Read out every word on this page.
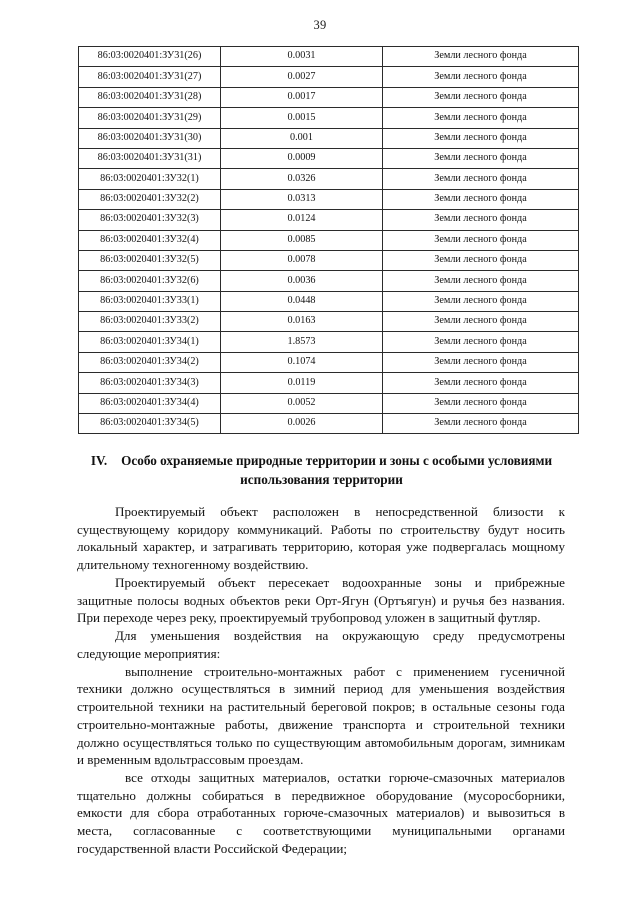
39
86:03:0020401:ЗУ31(26)	0.0031	Земли лесного фонда
86:03:0020401:ЗУ31(27)	0.0027	Земли лесного фонда
86:03:0020401:ЗУ31(28)	0.0017	Земли лесного фонда
86:03:0020401:ЗУ31(29)	0.0015	Земли лесного фонда
86:03:0020401:ЗУ31(30)	0.001	Земли лесного фонда
86:03:0020401:ЗУ31(31)	0.0009	Земли лесного фонда
86:03:0020401:ЗУ32(1)	0.0326	Земли лесного фонда
86:03:0020401:ЗУ32(2)	0.0313	Земли лесного фонда
86:03:0020401:ЗУ32(3)	0.0124	Земли лесного фонда
86:03:0020401:ЗУ32(4)	0.0085	Земли лесного фонда
86:03:0020401:ЗУ32(5)	0.0078	Земли лесного фонда
86:03:0020401:ЗУ32(6)	0.0036	Земли лесного фонда
86:03:0020401:ЗУ33(1)	0.0448	Земли лесного фонда
86:03:0020401:ЗУ33(2)	0.0163	Земли лесного фонда
86:03:0020401:ЗУ34(1)	1.8573	Земли лесного фонда
86:03:0020401:ЗУ34(2)	0.1074	Земли лесного фонда
86:03:0020401:ЗУ34(3)	0.0119	Земли лесного фонда
86:03:0020401:ЗУ34(4)	0.0052	Земли лесного фонда
86:03:0020401:ЗУ34(5)	0.0026	Земли лесного фонда
IV. Особо охраняемые природные территории и зоны с особыми условиями использования территории

Проектируемый объект расположен в непосредственной близости к существующему коридору коммуникаций. Работы по строительству будут носить локальный характер, и затрагивать территорию, которая уже подвергалась мощному длительному техногенному воздействию.

Проектируемый объект пересекает водоохранные зоны и прибрежные защитные полосы водных объектов реки Орт-Ягун (Ортъягун) и ручья без названия. При переходе через реку, проектируемый трубопровод уложен в защитный футляр.

Для уменьшения воздействия на окружающую среду предусмотрены следующие мероприятия:

выполнение строительно-монтажных работ с применением гусеничной техники должно осуществляться в зимний период для уменьшения воздействия строительной техники на растительный береговой покров; в остальные сезоны года строительно-монтажные работы, движение транспорта и строительной техники должно осуществляться только по существующим автомобильным дорогам, зимникам и временным вдольтрассовым проездам.

все отходы защитных материалов, остатки горюче-смазочных материалов тщательно должны собираться в передвижное оборудование (мусоросборники, емкости для сбора отработанных горюче-смазочных материалов) и вывозиться в места, согласованные с соответствующими муниципальными органами государственной власти Российской Федерации;
